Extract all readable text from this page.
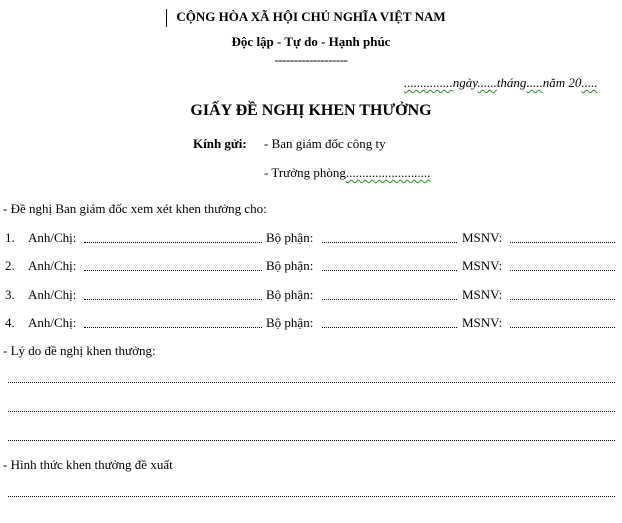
CỘNG HÒA XÃ HỘI CHỦ NGHĨA VIỆT NAM
Độc lập - Tự do - Hạnh phúc
-------------------
...............ngày......tháng.....năm 20.....
GIẤY ĐỀ NGHỊ KHEN THƯỞNG
Kính gửi: - Ban giám đốc công ty
- Trưởng phòng..........................
- Đề nghị Ban giám đốc xem xét khen thưởng cho:
1. Anh/Chị:	Bộ phận:	MSNV:
2. Anh/Chị:	Bộ phận:	MSNV:
3. Anh/Chị:	Bộ phận:	MSNV:
4. Anh/Chị:	Bộ phận:	MSNV:
- Lý do đề nghị khen thưởng:
- Hình thức khen thưởng đề xuất
